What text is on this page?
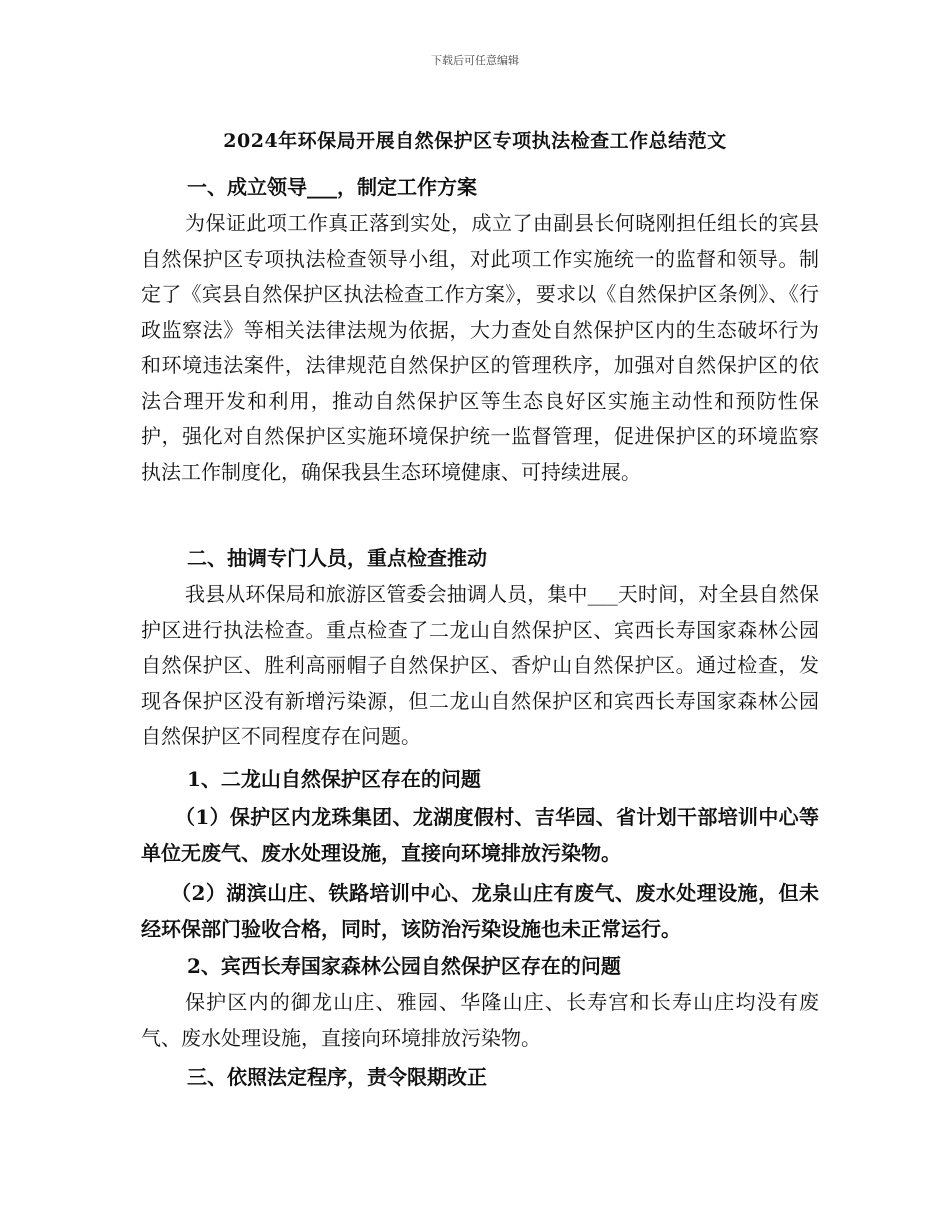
下载后可任意编辑
2024年环保局开展自然保护区专项执法检查工作总结范文
一、成立领导___，制定工作方案

为保证此项工作真正落到实处，成立了由副县长何晓刚担任组长的宾县自然保护区专项执法检查领导小组，对此项工作实施统一的监督和领导。制定了《宾县自然保护区执法检查工作方案》，要求以《自然保护区条例》、《行政监察法》等相关法律法规为依据，大力查处自然保护区内的生态破坏行为和环境违法案件，法律规范自然保护区的管理秩序，加强对自然保护区的依法合理开发和利用，推动自然保护区等生态良好区实施主动性和预防性保护，强化对自然保护区实施环境保护统一监督管理，促进保护区的环境监察执法工作制度化，确保我县生态环境健康、可持续进展。

二、抽调专门人员，重点检查推动

我县从环保局和旅游区管委会抽调人员，集中___天时间，对全县自然保护区进行执法检查。重点检查了二龙山自然保护区、宾西长寿国家森林公园自然保护区、胜利高丽帽子自然保护区、香炉山自然保护区。通过检查，发现各保护区没有新增污染源，但二龙山自然保护区和宾西长寿国家森林公园自然保护区不同程度存在问题。

1、二龙山自然保护区存在的问题

（1）保护区内龙珠集团、龙湖度假村、吉华园、省计划干部培训中心等单位无废气、废水处理设施，直接向环境排放污染物。

（2）湖滨山庄、铁路培训中心、龙泉山庄有废气、废水处理设施，但未经环保部门验收合格，同时，该防治污染设施也未正常运行。

2、宾西长寿国家森林公园自然保护区存在的问题

保护区内的御龙山庄、雅园、华隆山庄、长寿宫和长寿山庄均没有废气、废水处理设施，直接向环境排放污染物。

三、依照法定程序，责令限期改正
